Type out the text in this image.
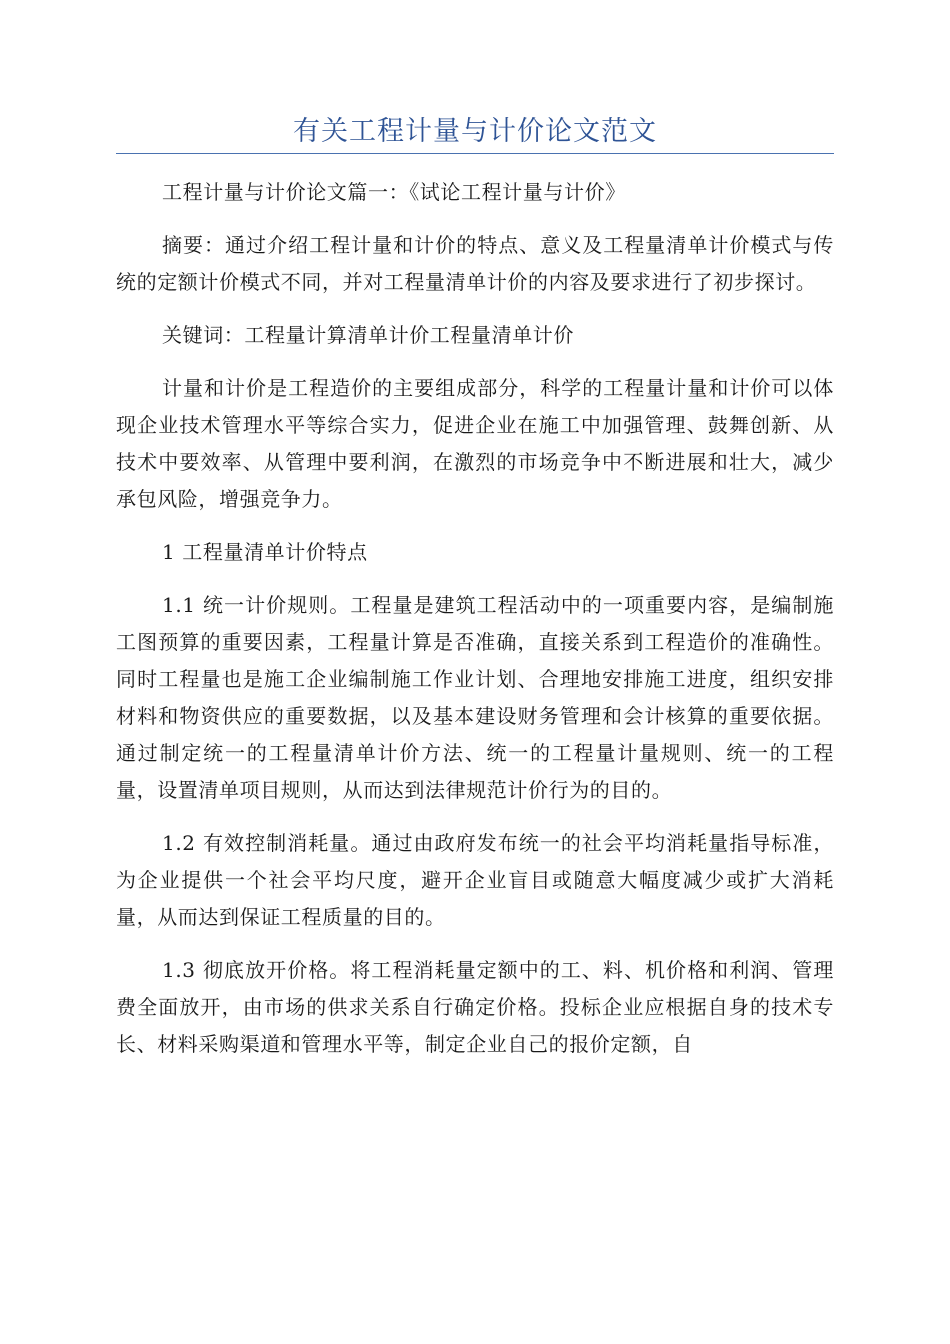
有关工程计量与计价论文范文

工程计量与计价论文篇一：《试论工程计量与计价》

摘要：通过介绍工程计量和计价的特点、意义及工程量清单计价模式与传统的定额计价模式不同，并对工程量清单计价的内容及要求进行了初步探讨。

关键词：工程量计算清单计价工程量清单计价

计量和计价是工程造价的主要组成部分，科学的工程量计量和计价可以体现企业技术管理水平等综合实力，促进企业在施工中加强管理、鼓舞创新、从技术中要效率、从管理中要利润，在激烈的市场竞争中不断进展和壮大，减少承包风险，增强竞争力。

1 工程量清单计价特点

1.1 统一计价规则。工程量是建筑工程活动中的一项重要内容，是编制施工图预算的重要因素，工程量计算是否准确，直接关系到工程造价的准确性。同时工程量也是施工企业编制施工作业计划、合理地安排施工进度，组织安排材料和物资供应的重要数据，以及基本建设财务管理和会计核算的重要依据。通过制定统一的工程量清单计价方法、统一的工程量计量规则、统一的工程量，设置清单项目规则，从而达到法律规范计价行为的目的。

1.2 有效控制消耗量。通过由政府发布统一的社会平均消耗量指导标准，为企业提供一个社会平均尺度，避开企业盲目或随意大幅度减少或扩大消耗量，从而达到保证工程质量的目的。

1.3 彻底放开价格。将工程消耗量定额中的工、料、机价格和利润、管理费全面放开，由市场的供求关系自行确定价格。投标企业应根据自身的技术专长、材料采购渠道和管理水平等，制定企业自己的报价定额，自
